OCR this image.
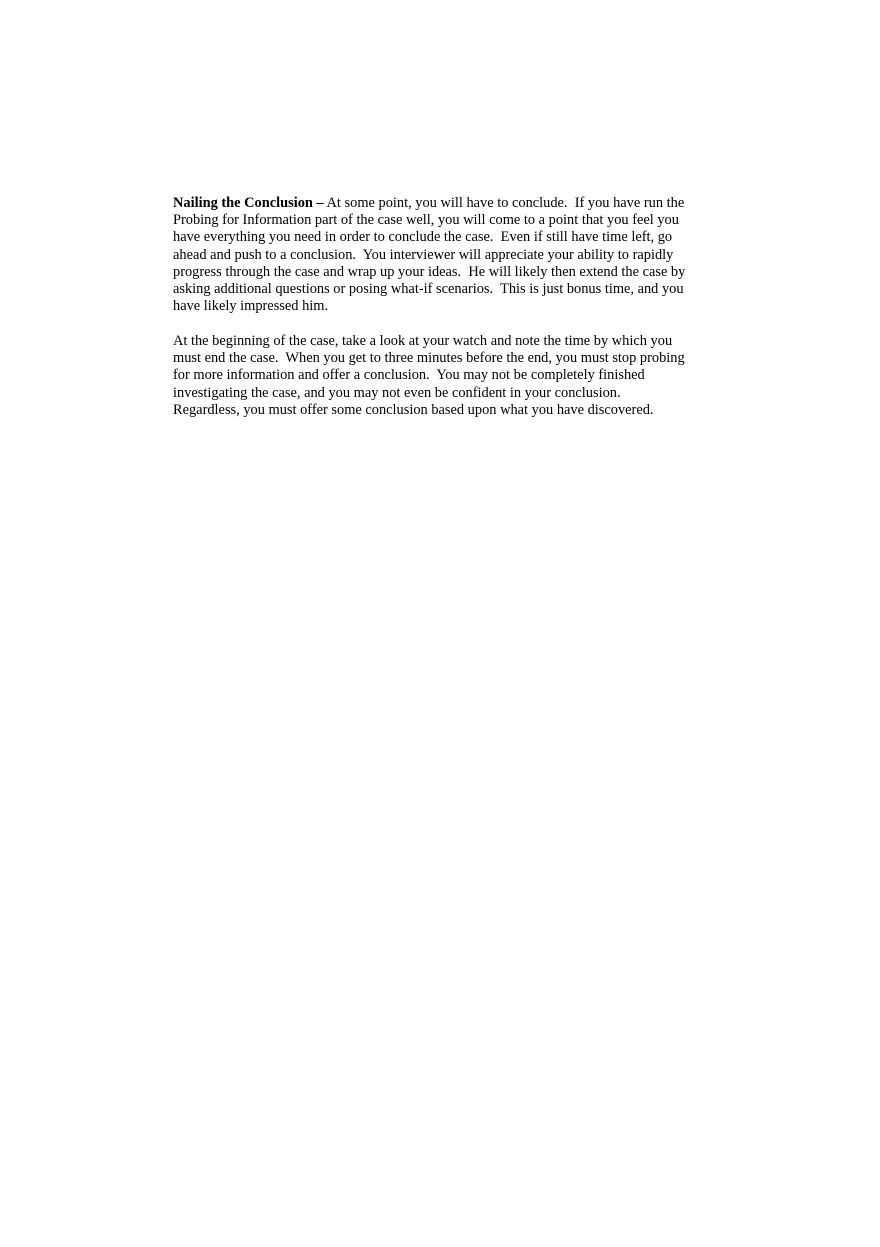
Nailing the Conclusion – At some point, you will have to conclude.  If you have run the
Probing for Information part of the case well, you will come to a point that you feel you
have everything you need in order to conclude the case.  Even if still have time left, go
ahead and push to a conclusion.  You interviewer will appreciate your ability to rapidly
progress through the case and wrap up your ideas.  He will likely then extend the case by
asking additional questions or posing what-if scenarios.  This is just bonus time, and you
have likely impressed him.

At the beginning of the case, take a look at your watch and note the time by which you
must end the case.  When you get to three minutes before the end, you must stop probing
for more information and offer a conclusion.  You may not be completely finished
investigating the case, and you may not even be confident in your conclusion.
Regardless, you must offer some conclusion based upon what you have discovered.
